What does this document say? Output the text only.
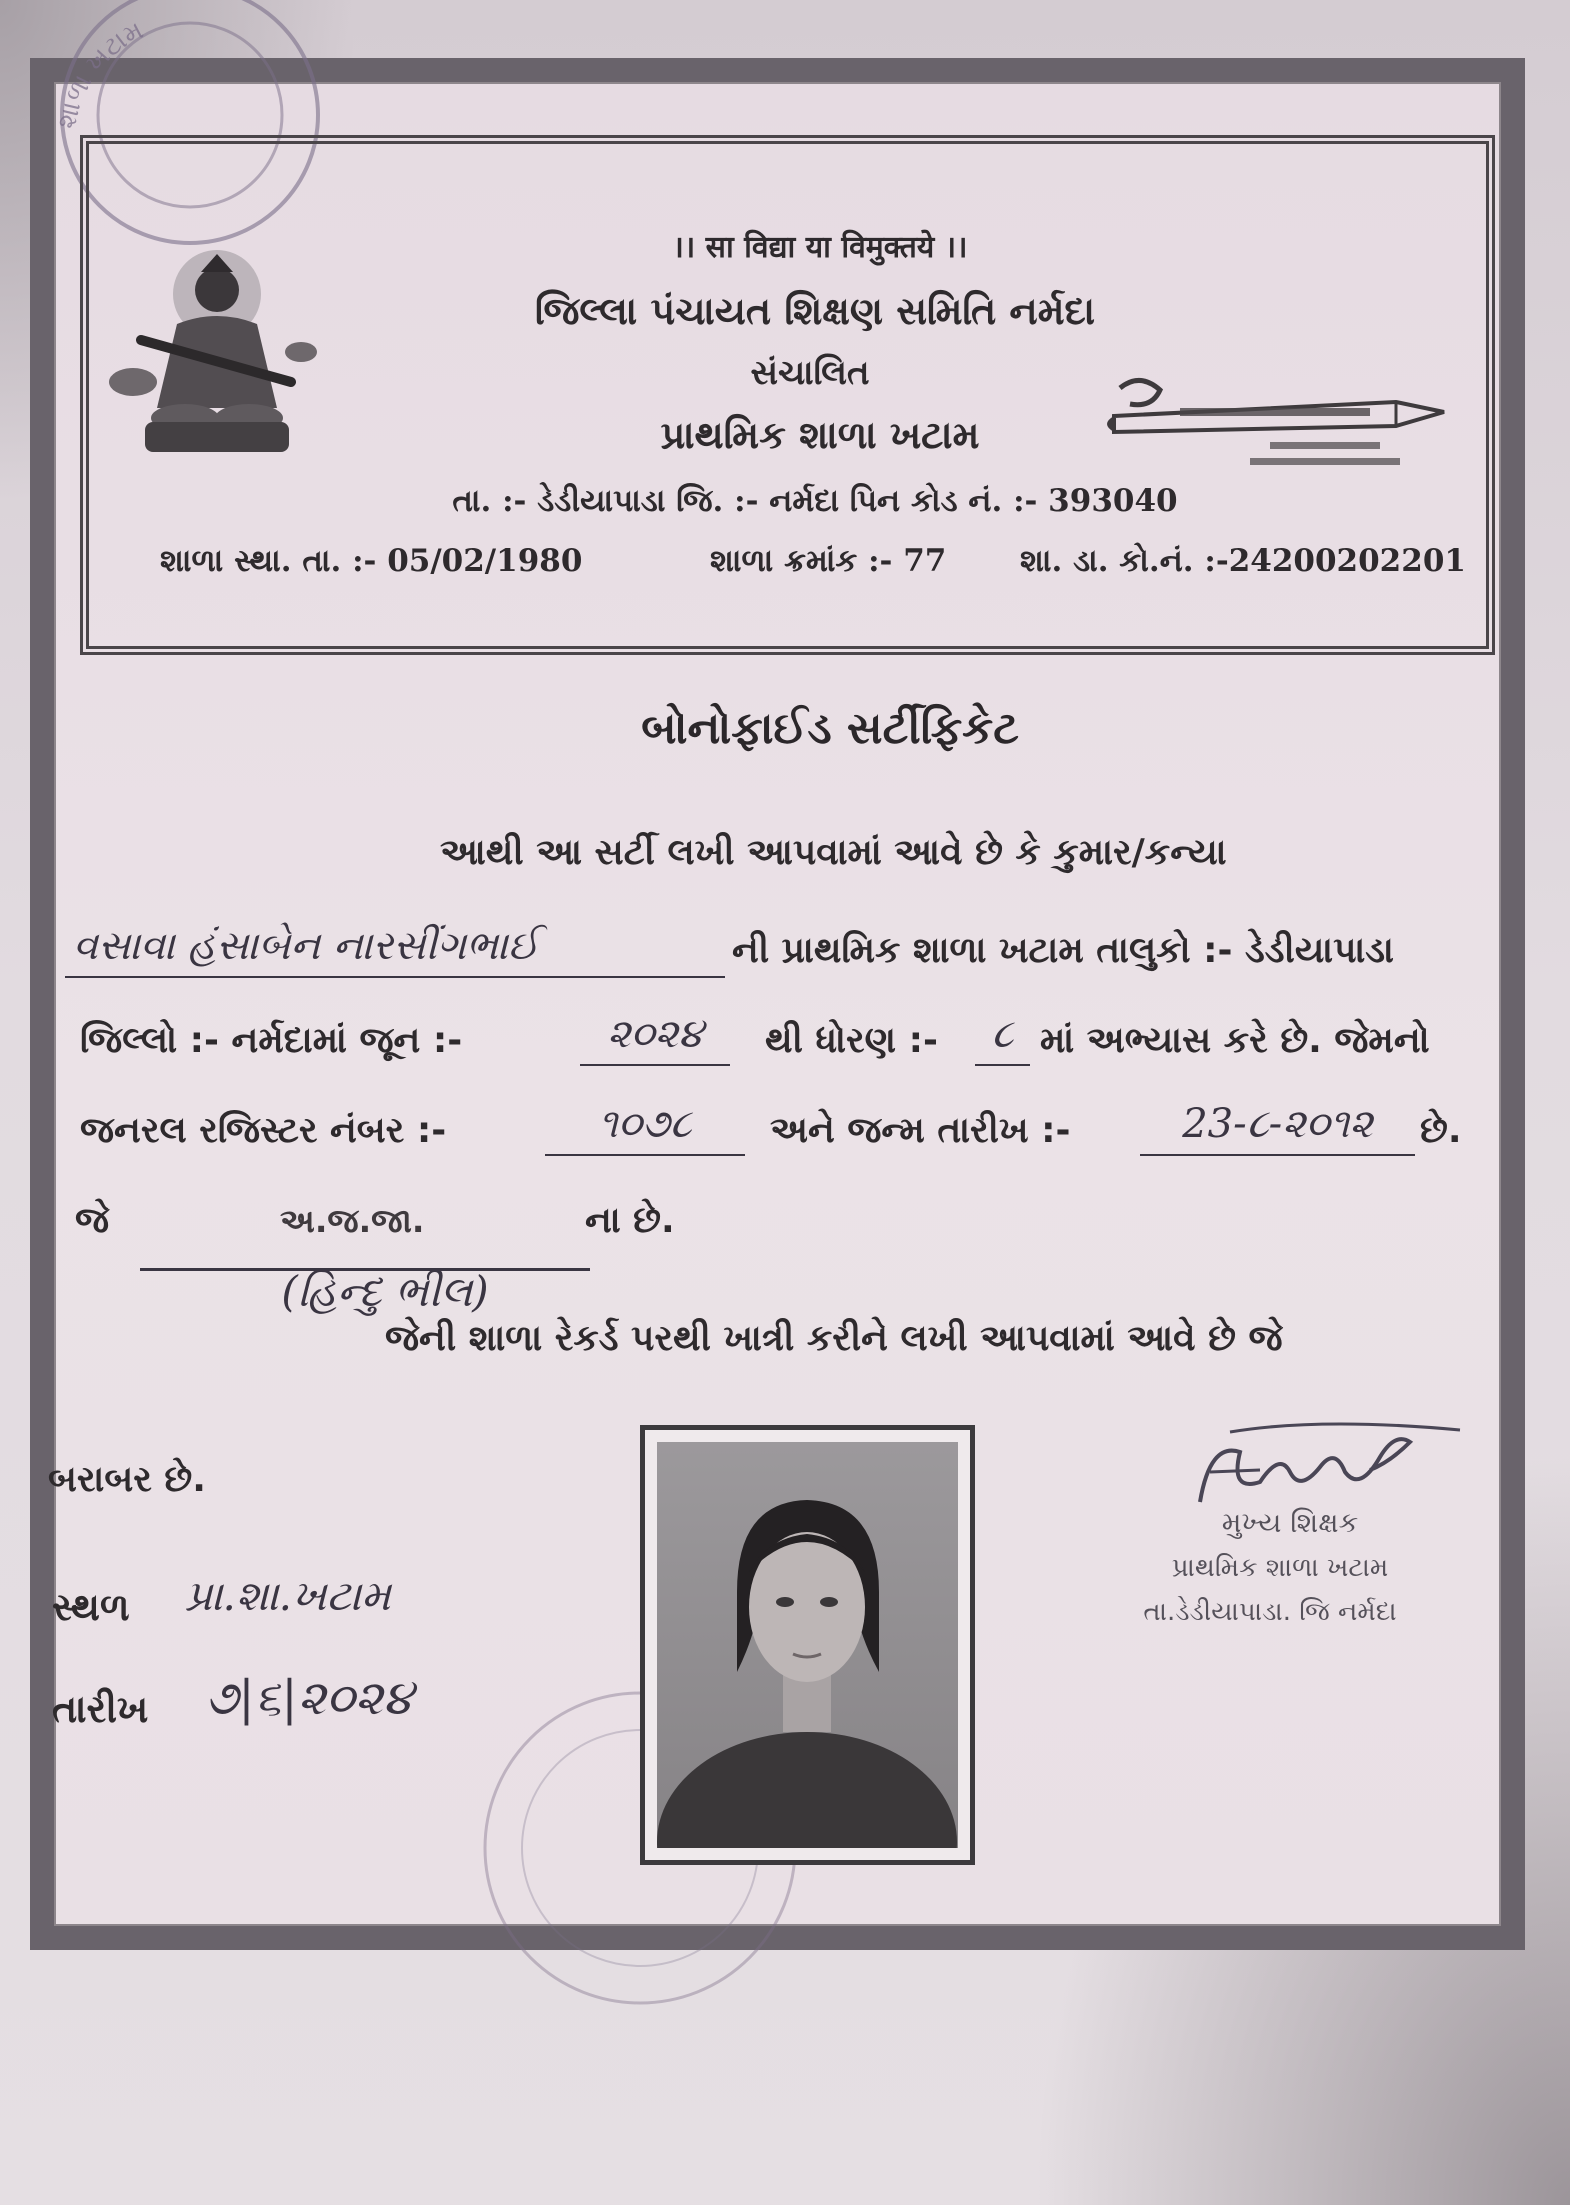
શાળા ખટામ
।। सा विद्या या विमुक्तये ।।
જિલ્લા પંચાયત શિક્ષણ સમિતિ નર્મદા
સંચાલિત
પ્રાથમિક શાળા ખટામ
તા. :- ડેડીયાપાડા જિ. :- નર્મદા પિન કોડ નં. :- 393040
શાળા સ્થા. તા. :- 05/02/1980	શાળા ક્રમાંક :- 77	શા. ડા. કો.નં. :-24200202201
બોનોફાઈડ સર્ટીફિકેટ
આથી આ સર્ટી લખી આપવામાં આવે છે કે કુમાર/કન્યા
વસાવા હંસાબેન નારસીંગભાઈ	ની પ્રાથમિક શાળા ખટામ તાલુકો :- ડેડીયાપાડા
જિલ્લો :- નર્મદામાં જૂન :-	૨૦૨૪	થી ધોરણ :-	૮ માં અભ્યાસ કરે છે. જેમનો
જનરલ રજિસ્ટર નંબર :-	૧૦૭૮	અને જન્મ તારીખ :-	23-૮-૨૦૧૨	છે.
જે	અ.જ.જા.	ના છે.
(હિન્દુ ભીલ)
જેની શાળા રેકર્ડ પરથી ખાત્રી કરીને લખી આપવામાં આવે છે જે
બરાબર છે.
સ્થળ	પ્રા.શા.ખટામ
તારીખ	૭|૬|૨૦૨૪
મુખ્ય શિક્ષક
પ્રાથમિક શાળા ખટામ
તા.ડેડીયાપાડા. જિ નર્મદા
